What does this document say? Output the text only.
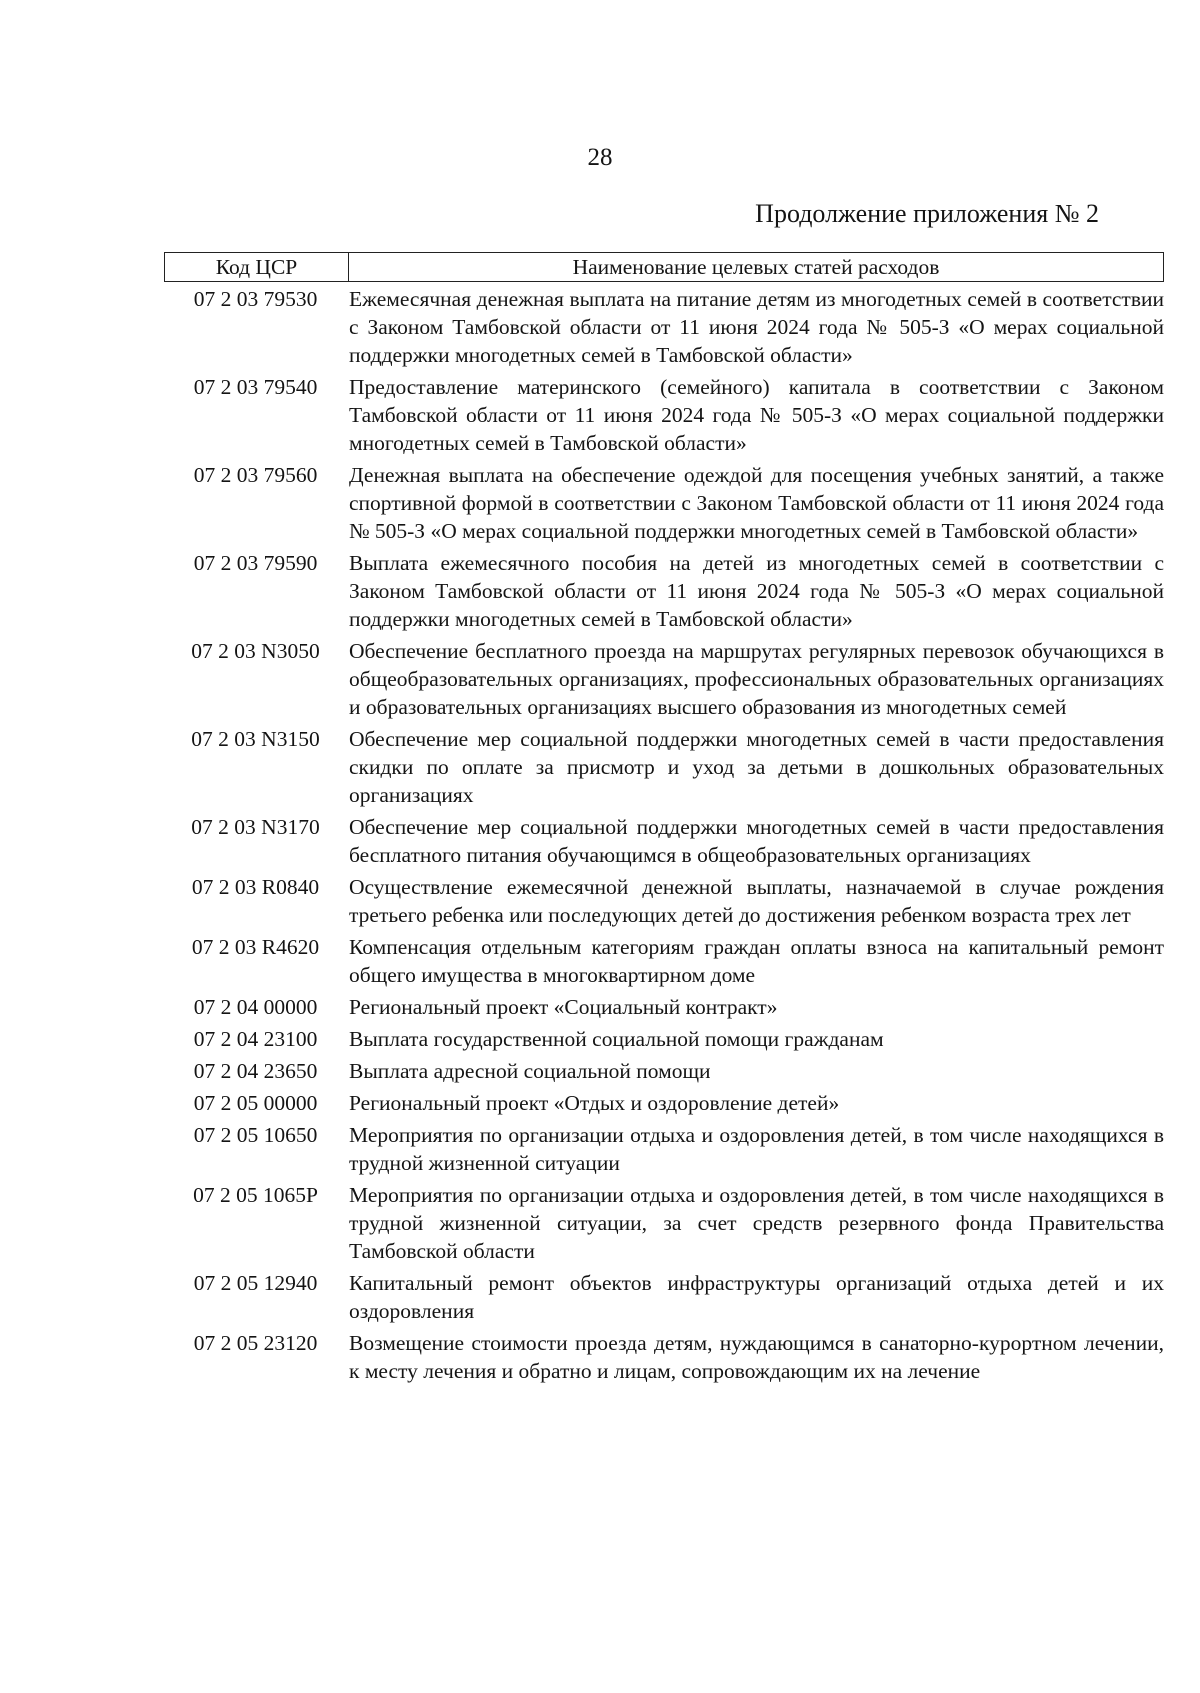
28
Продолжение приложения № 2
Код ЦСР	Наименование целевых статей расходов
07 2 03 79530	Ежемесячная денежная выплата на питание детям из многодетных семей в соответствии с Законом Тамбовской области от 11 июня 2024 года № 505-З «О мерах социальной поддержки многодетных семей в Тамбовской области»
07 2 03 79540	Предоставление материнского (семейного) капитала в соответствии с Законом Тамбовской области от 11 июня 2024 года № 505-З «О мерах социальной поддержки многодетных семей в Тамбовской области»
07 2 03 79560	Денежная выплата на обеспечение одеждой для посещения учебных занятий, а также спортивной формой в соответствии с Законом Тамбовской области от 11 июня 2024 года № 505-З «О мерах социальной поддержки многодетных семей в Тамбовской области»
07 2 03 79590	Выплата ежемесячного пособия на детей из многодетных семей в соответствии с Законом Тамбовской области от 11 июня 2024 года № 505-З «О мерах социальной поддержки многодетных семей в Тамбовской области»
07 2 03 N3050	Обеспечение бесплатного проезда на маршрутах регулярных перевозок обучающихся в общеобразовательных организациях, профессиональных образовательных организациях и образовательных организациях высшего образования из многодетных семей
07 2 03 N3150	Обеспечение мер социальной поддержки многодетных семей в части предоставления скидки по оплате за присмотр и уход за детьми в дошкольных образовательных организациях
07 2 03 N3170	Обеспечение мер социальной поддержки многодетных семей в части предоставления бесплатного питания обучающимся в общеобразовательных организациях
07 2 03 R0840	Осуществление ежемесячной денежной выплаты, назначаемой в случае рождения третьего ребенка или последующих детей до достижения ребенком возраста трех лет
07 2 03 R4620	Компенсация отдельным категориям граждан оплаты взноса на капитальный ремонт общего имущества в многоквартирном доме
07 2 04 00000	Региональный проект «Социальный контракт»
07 2 04 23100	Выплата государственной социальной помощи гражданам
07 2 04 23650	Выплата адресной социальной помощи
07 2 05 00000	Региональный проект «Отдых и оздоровление детей»
07 2 05 10650	Мероприятия по организации отдыха и оздоровления детей, в том числе находящихся в трудной жизненной ситуации
07 2 05 1065Р	Мероприятия по организации отдыха и оздоровления детей, в том числе находящихся в трудной жизненной ситуации, за счет средств резервного фонда Правительства Тамбовской области
07 2 05 12940	Капитальный ремонт объектов инфраструктуры организаций отдыха детей и их оздоровления
07 2 05 23120	Возмещение стоимости проезда детям, нуждающимся в санаторно-курортном лечении, к месту лечения и обратно и лицам, сопровождающим их на лечение
